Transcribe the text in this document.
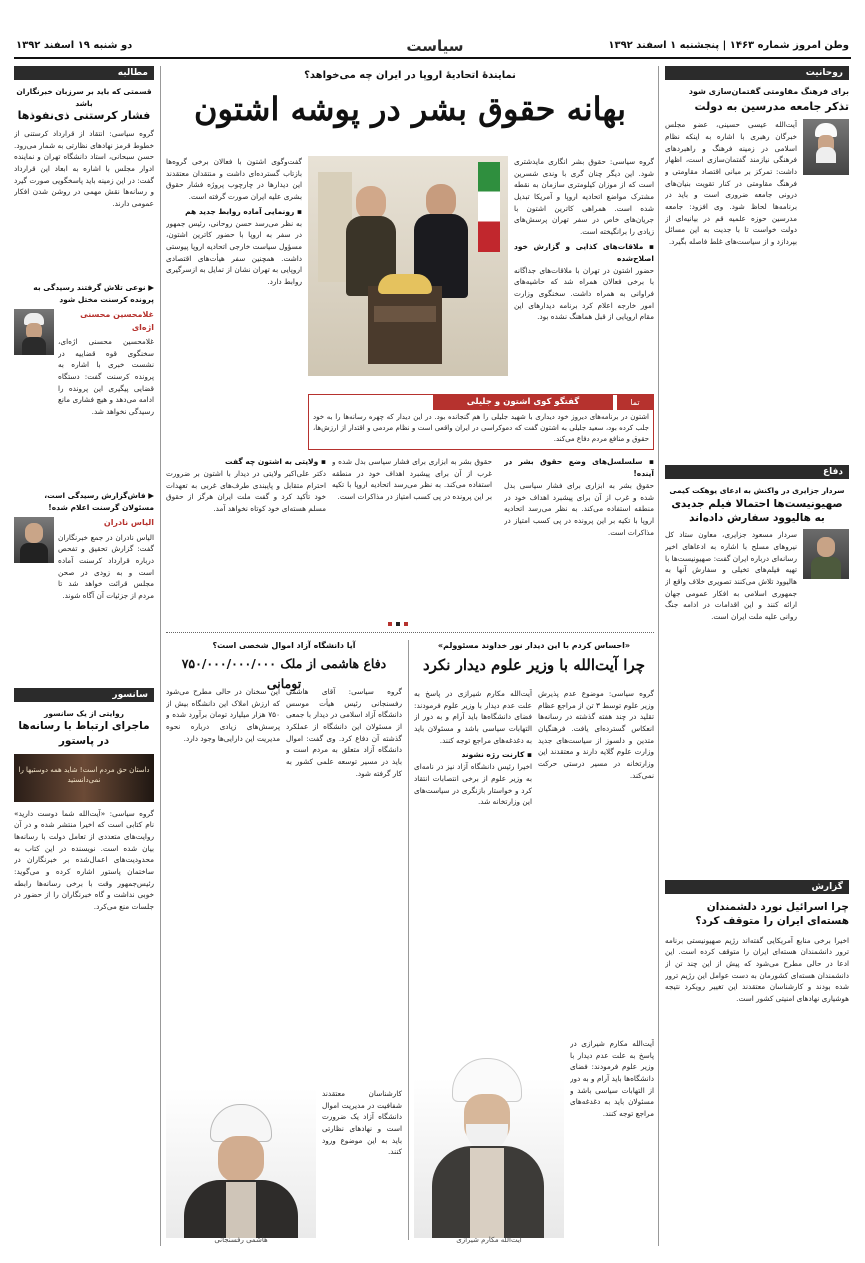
وطن امروز شماره ۱۴۶۳ | پنجشنبه ۱ اسفند ۱۳۹۲
سیاست
دو شنبه ۱۹ اسفند ۱۳۹۲
روحانیت
برای فرهنگ مقاومتی گفتمان‌سازی شود
تذکر جامعه مدرسین به دولت
آیت‌الله عیسی حسینی، عضو مجلس خبرگان رهبری با اشاره به اینکه نظام اسلامی در زمینه فرهنگ و راهبردهای فرهنگی نیازمند گفتمان‌سازی است، اظهار داشت: تمرکز بر مبانی اقتصاد مقاومتی و فرهنگ مقاومتی در کنار تقویت بنیان‌های درونی جامعه ضروری است و باید در برنامه‌ها لحاظ شود. وی افزود: جامعه مدرسین حوزه علمیه قم در بیانیه‌ای از دولت خواست تا با جدیت به این مسائل بپردازد و از سیاست‌های غلط فاصله بگیرد.
دفاع
سردار جزایری در واکنش به ادعای یوهکت کیمی
صهیونیست‌ها احتمالا فیلم جدیدی به هالیوود سفارش داده‌اند
سردار مسعود جزایری، معاون ستاد کل نیروهای مسلح با اشاره به ادعاهای اخیر رسانه‌ای درباره ایران گفت: صهیونیست‌ها با تهیه فیلم‌های تخیلی و سفارش آنها به هالیوود تلاش می‌کنند تصویری خلاف واقع از جمهوری اسلامی به افکار عمومی جهان ارائه کنند و این اقدامات در ادامه جنگ روانی علیه ملت ایران است.
گزارش
چرا اسرائیل نورد دلشمندان هسته‌ای ایران را متوقف کرد؟
اخیرا برخی منابع آمریکایی گفته‌اند رژیم صهیونیستی برنامه ترور دانشمندان هسته‌ای ایران را متوقف کرده است. این ادعا در حالی مطرح می‌شود که پیش از این چند تن از دانشمندان هسته‌ای کشورمان به دست عوامل این رژیم ترور شده بودند و کارشناسان معتقدند این تغییر رویکرد نتیجه هوشیاری نهادهای امنیتی کشور است.
مطالبه
قسمتی که باید بر سرزبان خبرنگاران باشد
فشار کرستنی ذی‌نفوذها
گروه سیاسی: انتقاد از قرارداد کرستنی از خطوط قرمز نهادهای نظارتی به شمار می‌رود. حسن سبحانی، استاد دانشگاه تهران و نماینده ادوار مجلس با اشاره به ابعاد این قرارداد گفت: در این زمینه باید پاسخگویی صورت گیرد و رسانه‌ها نقش مهمی در روشن شدن افکار عمومی دارند.
▶ نوعی تلاش گرفتند رسیدگی به پرونده کرسنت مختل شود
غلامحسین محسنی اژه‌ای
غلامحسین محسنی اژه‌ای، سخنگوی قوه قضاییه در نشست خبری با اشاره به پرونده کرسنت گفت: دستگاه قضایی پیگیری این پرونده را ادامه می‌دهد و هیچ فشاری مانع رسیدگی نخواهد شد.
▶ فاش‌گزارش رسیدگی است، مسئولان گرسنت اعلام شده!
الیاس نادران
الیاس نادران در جمع خبرنگاران گفت: گزارش تحقیق و تفحص درباره قرارداد کرسنت آماده است و به زودی در صحن مجلس قرائت خواهد شد تا مردم از جزئیات آن آگاه شوند.
سانسور
روایتی از یک سانسور
ماجرای ارتباط با رسانه‌ها در پاستور
داستان حق مردم است! شاید همه دوستیها را نمی‌دانستید
گروه سیاسی: «آیت‌الله شما دوست دارید» نام کتابی است که اخیرا منتشر شده و در آن روایت‌های متعددی از تعامل دولت با رسانه‌ها بیان شده است. نویسنده در این کتاب به محدودیت‌های اعمال‌شده بر خبرنگاران در ساختمان پاستور اشاره کرده و می‌گوید: رئیس‌جمهور وقت با برخی رسانه‌ها رابطه خوبی نداشت و گاه خبرنگاران را از حضور در جلسات منع می‌کرد.
نمایندهٔ اتحادیهٔ اروپا در ایران چه می‌خواهد؟
بهانه حقوق بشر در پوشه اشتون
گروه سیاسی: حقوق بشر انگاری مایدشتری شود. این دیگر چنان گری با وندی شسرین است که از موزان کیلومتری سازمان به نقطه مشترک مواضع اتحادیه اروپا و آمریکا تبدیل شده است. همراهی کاترین اشتون با جریان‌های خاص در سفر تهران پرسش‌های زیادی را برانگیخته است.
▪ ملاقات‌های کذایی و گزارش خود اصلاح‌شده
حضور اشتون در تهران با ملاقات‌های جداگانه با برخی فعالان همراه شد که حاشیه‌های فراوانی به همراه داشت. سخنگوی وزارت امور خارجه اعلام کرد برنامه دیدارهای این مقام اروپایی از قبل هماهنگ نشده بود.
گفت‌وگوی اشتون با فعالان برخی گروه‌ها بازتاب گسترده‌ای داشت و منتقدان معتقدند این دیدارها در چارچوب پروژه فشار حقوق بشری علیه ایران صورت گرفته است.
▪ رونمایی آماده روابط جدید هم
به نظر می‌رسد حسن روحانی، رئیس جمهور در سفر به اروپا با حضور کاترین اشتون، مسؤول سیاست خارجی اتحادیه اروپا پیوستی داشت. همچنین سفر هیأت‌های اقتصادی اروپایی به تهران نشان از تمایل به ازسرگیری روابط دارد.
گفتگو کوی اشتون و جلیلی	تما
اشتون در برنامه‌های دیروز خود دیداری با شهید جلیلی را هم گنجانده بود. در این دیدار که چهره رسانه‌ها را به خود جلب کرده بود، سعید جلیلی به اشتون گفت که دموکراسی در ایران واقعی است و نظام مردمی و اقتدار از ارزش‌ها، حقوق و منافع مردم دفاع می‌کند.
▪ سلسلسل‌های وضع حقوق بشر در آینده!
حقوق بشر به ابزاری برای فشار سیاسی بدل شده و غرب از آن برای پیشبرد اهداف خود در منطقه استفاده می‌کند. به نظر می‌رسد اتحادیه اروپا با تکیه بر این پرونده در پی کسب امتیاز در مذاکرات است.
حقوق بشر به ابزاری برای فشار سیاسی بدل شده و غرب از آن برای پیشبرد اهداف خود در منطقه استفاده می‌کند. به نظر می‌رسد اتحادیه اروپا با تکیه بر این پرونده در پی کسب امتیاز در مذاکرات است.
▪ ولایتی به اشتون چه گفت
دکتر علی‌اکبر ولایتی در دیدار با اشتون بر ضرورت احترام متقابل و پایبندی طرف‌های غربی به تعهدات خود تأکید کرد و گفت ملت ایران هرگز از حقوق مسلم هسته‌ای خود کوتاه نخواهد آمد.
«احساس کردم با این دیدار نور خداوند مسئوولم»
چرا آیت‌الله با وزیر علوم دیدار نکرد
گروه سیاسی: موضوع عدم پذیرش وزیر علوم توسط ۳ تن از مراجع عظام تقلید در چند هفته گذشته در رسانه‌ها انعکاس گسترده‌ای یافت. فرهنگیان متدین و دلسوز از سیاست‌های جدید وزارت علوم گلایه دارند و معتقدند این وزارتخانه در مسیر درستی حرکت نمی‌کند.
آیت‌الله مکارم شیرازی در پاسخ به علت عدم دیدار با وزیر علوم فرمودند: فضای دانشگاه‌ها باید آرام و به دور از التهابات سیاسی باشد و مسئولان باید به دغدغه‌های مراجع توجه کنند.
▪ کارنت رژه نشوند
اخیرا رئیس دانشگاه آزاد نیز در نامه‌ای به وزیر علوم از برخی انتصابات انتقاد کرد و خواستار بازنگری در سیاست‌های این وزارتخانه شد.
آیت‌الله مکارم شیرازی در پاسخ به علت عدم دیدار با وزیر علوم فرمودند: فضای دانشگاه‌ها باید آرام و به دور از التهابات سیاسی باشد و مسئولان باید به دغدغه‌های مراجع توجه کنند.
آیت‌الله مکارم شیرازی
آیا دانشگاه آزاد اموال شخصی است؟
دفاع هاشمی از ملک ۷۵۰/۰۰۰/۰۰۰/۰۰۰ تومانی
گروه سیاسی: آقای هاشمی رفسنجانی رئیس هیأت موسس دانشگاه آزاد اسلامی در دیدار با جمعی از مسئولان این دانشگاه از عملکرد گذشته آن دفاع کرد. وی گفت: اموال دانشگاه آزاد متعلق به مردم است و باید در مسیر توسعه علمی کشور به کار گرفته شود.
این سخنان در حالی مطرح می‌شود که ارزش املاک این دانشگاه بیش از ۷۵۰ هزار میلیارد تومان برآورد شده و پرسش‌های زیادی درباره نحوه مدیریت این دارایی‌ها وجود دارد.
کارشناسان معتقدند شفافیت در مدیریت اموال دانشگاه آزاد یک ضرورت است و نهادهای نظارتی باید به این موضوع ورود کنند.
هاشمی رفسنجانی
